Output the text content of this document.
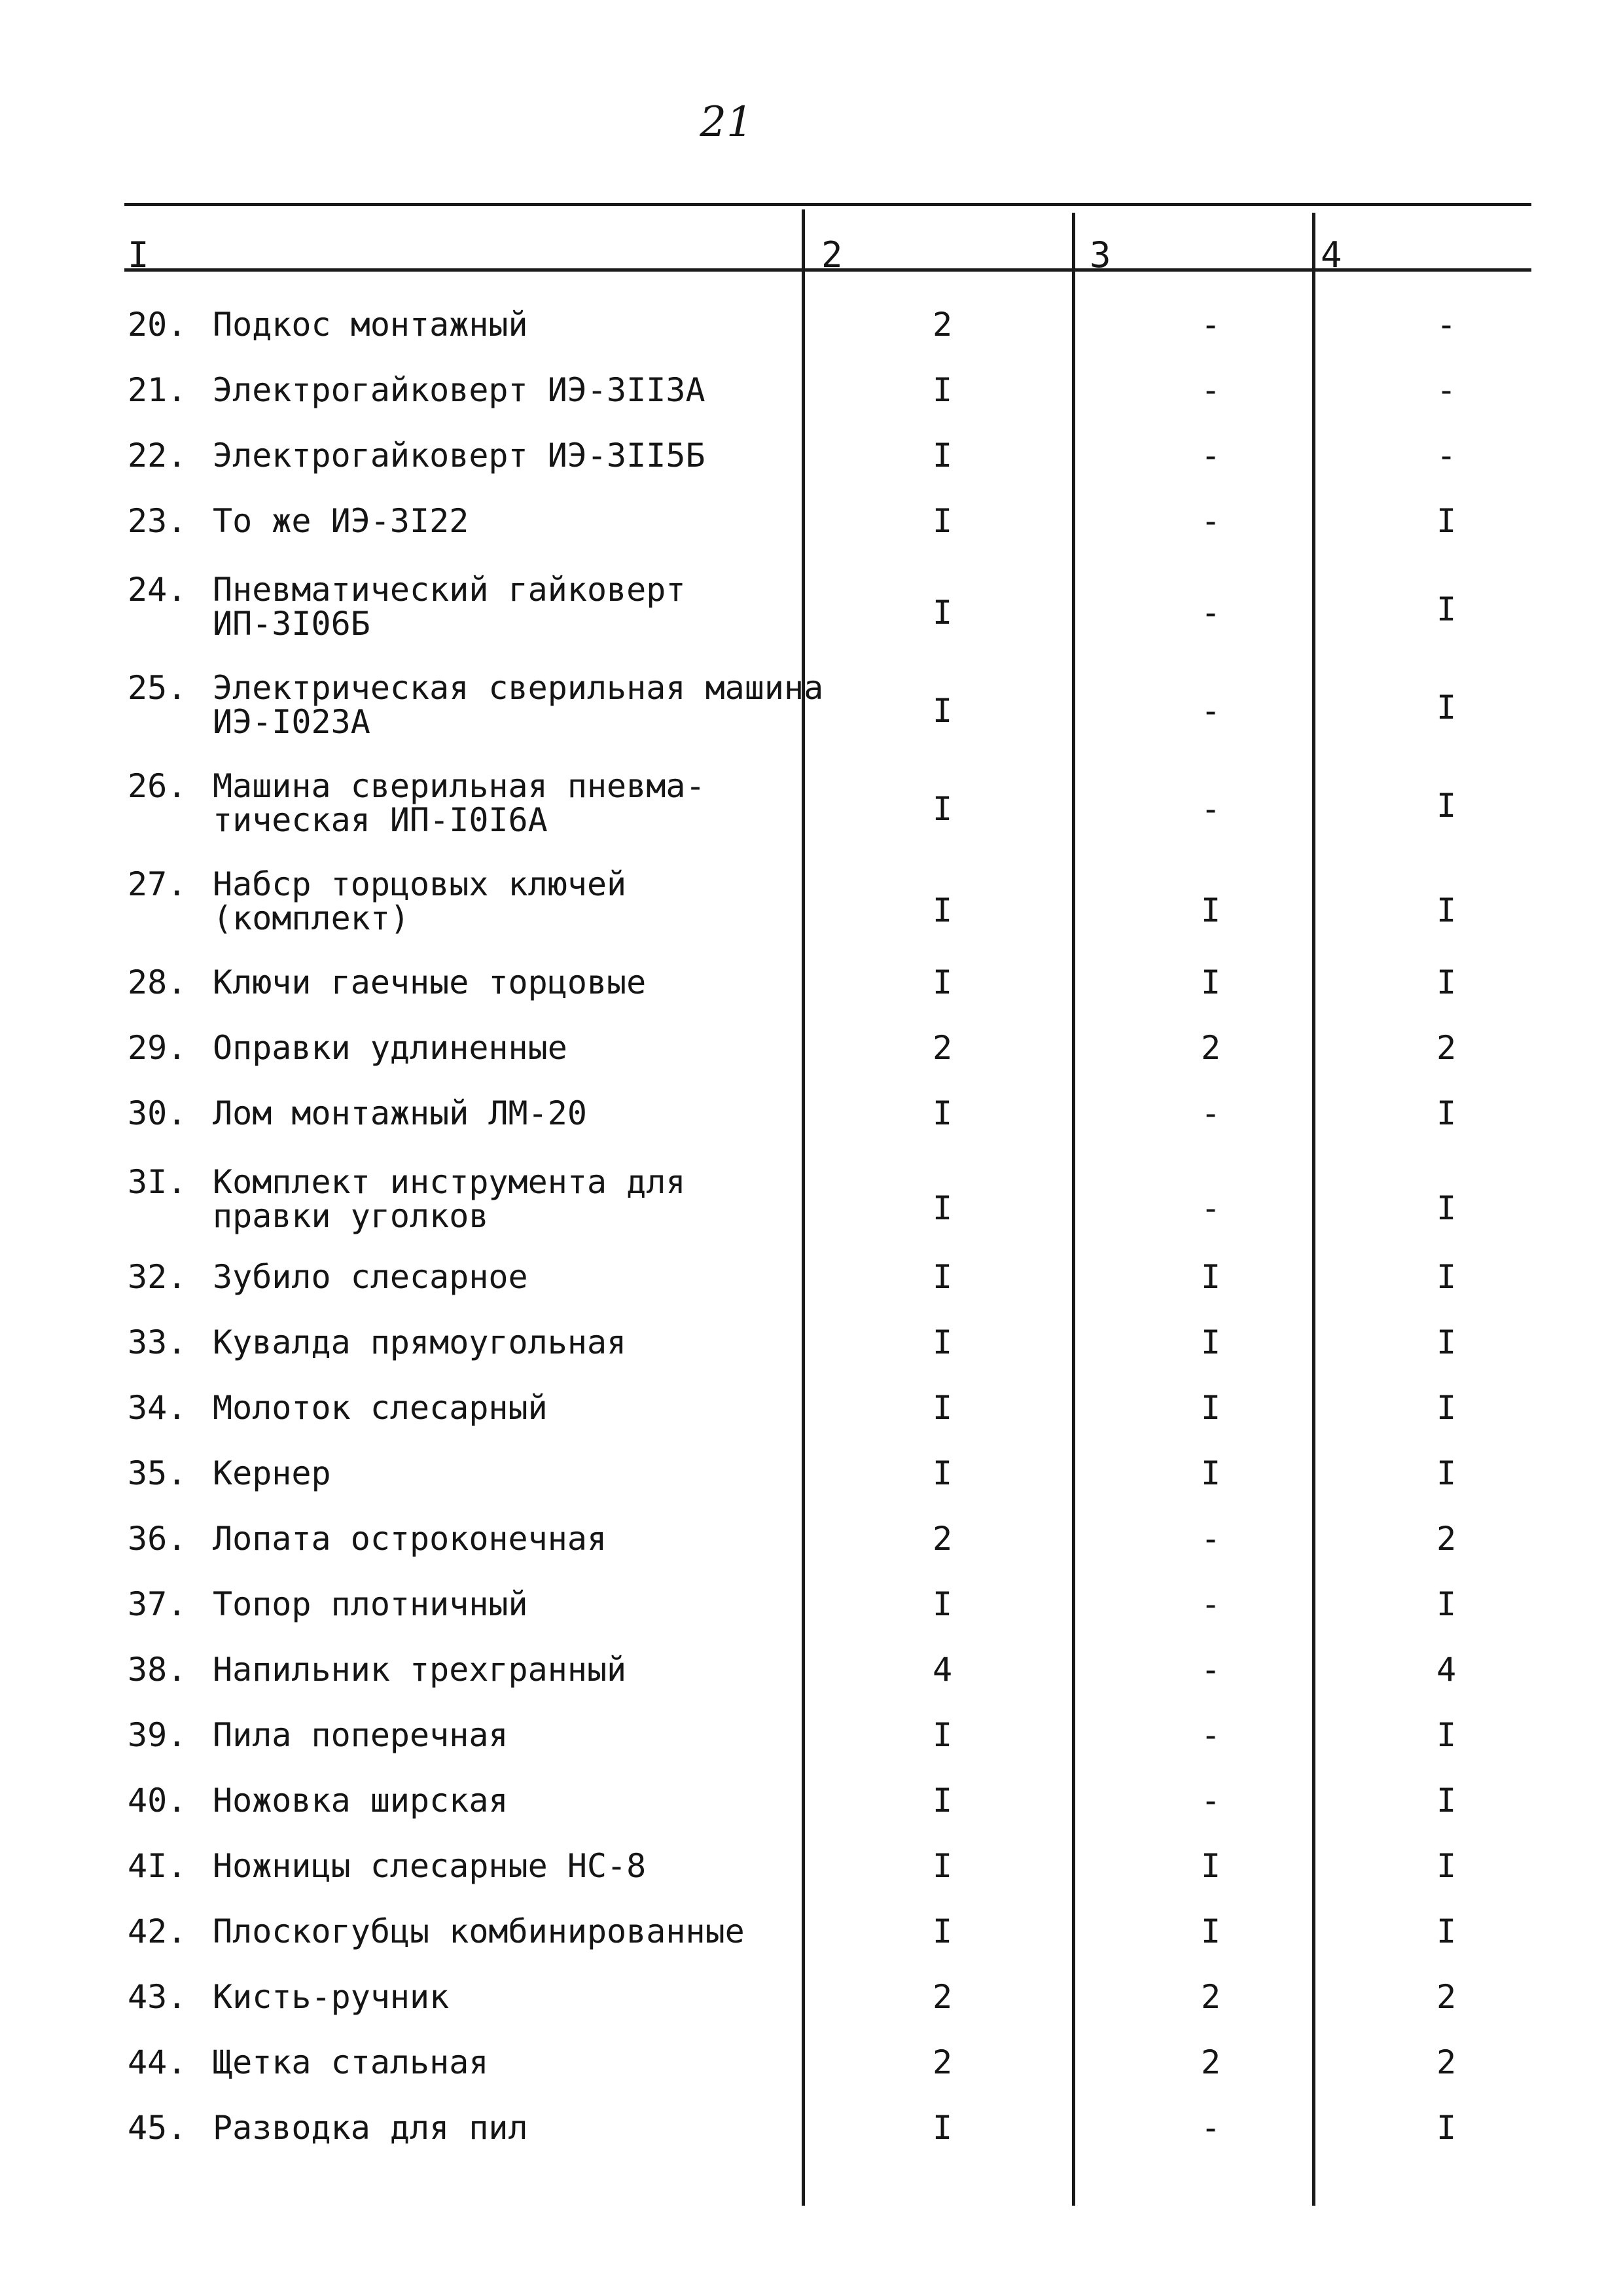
21
I	2	3	4
20. Подкос монтажный	2	-	-
21. Электрогайковерт ИЭ-3II3А	I	-	-
22. Электрогайковерт ИЭ-3II5Б	I	-	-
23. То же ИЭ-3I22	I	-	I
24. Пневматический гайковерт
ИП-3I06Б	I	-	I
25. Электрическая сверильная машина
ИЭ-I023А	I	-	I
26. Машина сверильная пневма-
тическая ИП-I0I6А	I	-	I
27. Набср торцовых ключей
(комплект)	I	I	I
28. Ключи гаечные торцовые	I	I	I
29. Оправки удлиненные	2	2	2
30. Лом монтажный ЛМ-20	I	-	I
3I. Комплект инструмента для
правки уголков	I	-	I
32. Зубило слесарное	I	I	I
33. Кувалда прямоугольная	I	I	I
34. Молоток слесарный	I	I	I
35. Кернер	I	I	I
36. Лопата остроконечная	2	-	2
37. Топор плотничный	I	-	I
38. Напильник трехгранный	4	-	4
39. Пила поперечная	I	-	I
40. Ножовка ширская	I	-	I
4I. Ножницы слесарные НС-8	I	I	I
42. Плоскогубцы комбинированные	I	I	I
43. Кисть-ручник	2	2	2
44. Щетка стальная	2	2	2
45. Разводка для пил	I	-	I
